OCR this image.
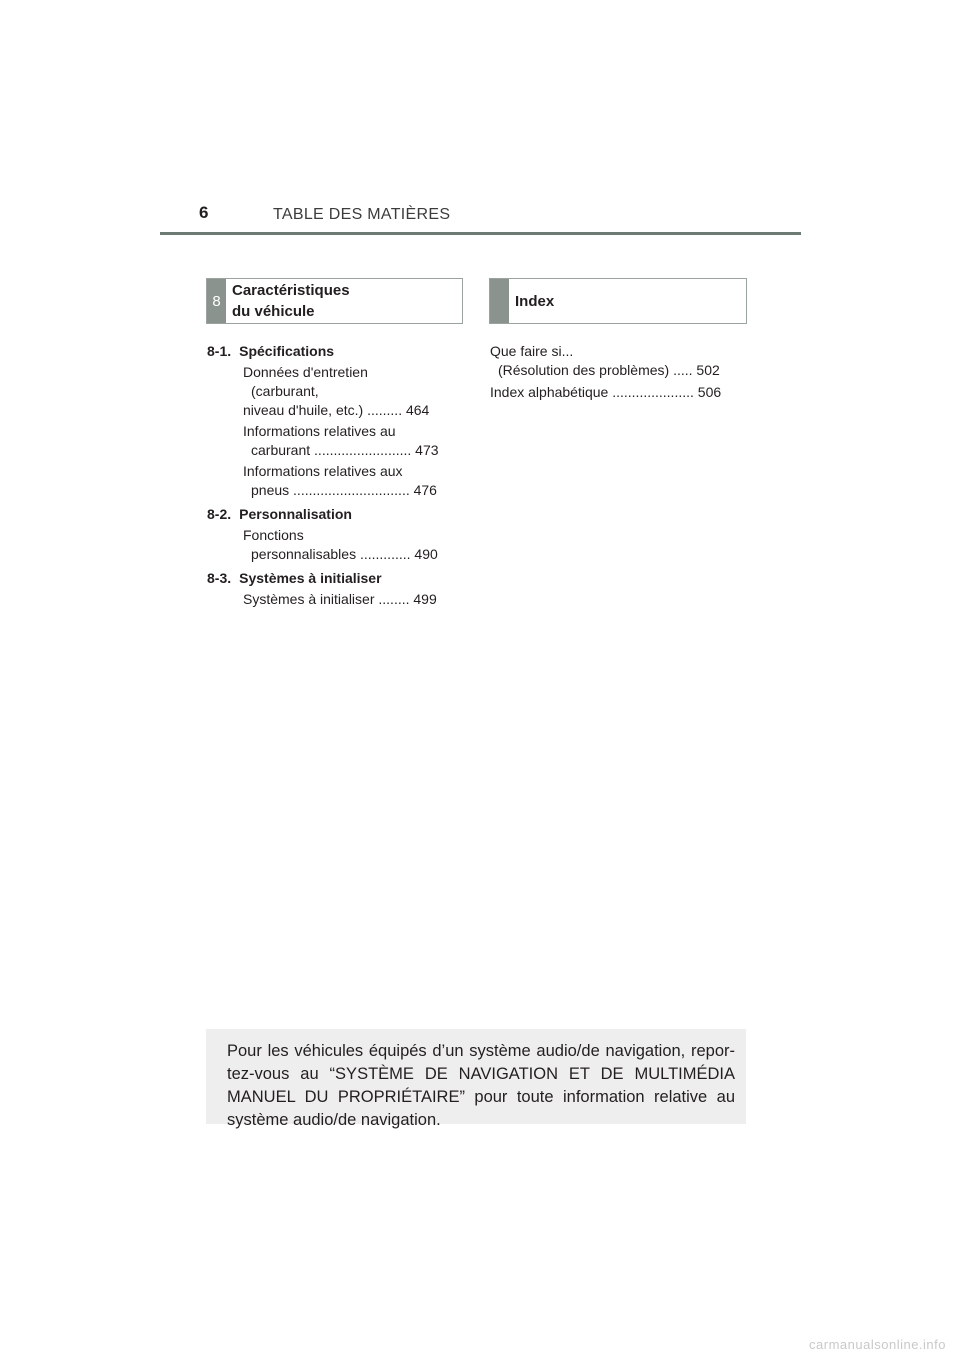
6	TABLE DES MATIÈRES
8
Caractéristiques
du véhicule
Index
8-1. Spécifications
Données d'entretien
(carburant,
niveau d'huile, etc.) ......... 464
Informations relatives au
carburant ......................... 473
Informations relatives aux
pneus .............................. 476
8-2. Personnalisation
Fonctions
personnalisables ............. 490
8-3. Systèmes à initialiser
Systèmes à initialiser ........ 499
Que faire si...
(Résolution des problèmes) ..... 502
Index alphabétique ..................... 506
Pour les véhicules équipés d’un système audio/de navigation, repor-tez-vous au “SYSTÈME DE NAVIGATION ET DE MULTIMÉDIA MANUEL DU PROPRIÉTAIRE” pour toute information relative au système audio/de navigation.
carmanualsonline.info
